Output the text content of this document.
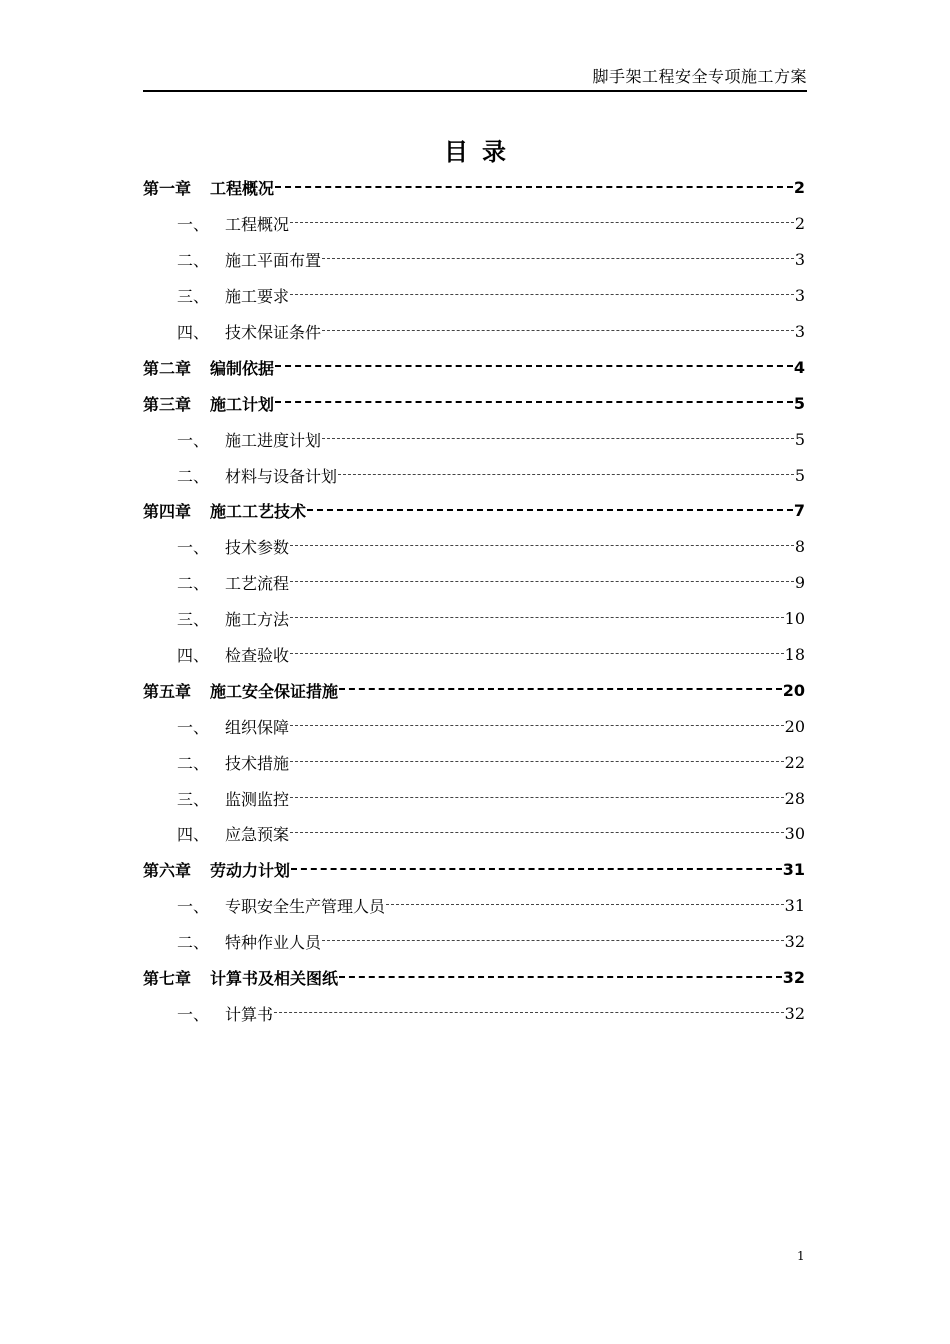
脚手架工程安全专项施工方案
目录
第一章	工程概况	2
一、 工程概况	2
二、 施工平面布置	3
三、 施工要求	3
四、 技术保证条件	3
第二章	编制依据	4
第三章	施工计划	5
一、 施工进度计划	5
二、 材料与设备计划	5
第四章	施工工艺技术	7
一、 技术参数	8
二、 工艺流程	9
三、 施工方法	10
四、 检查验收	18
第五章	施工安全保证措施	20
一、 组织保障	20
二、 技术措施	22
三、 监测监控	28
四、 应急预案	30
第六章	劳动力计划	31
一、 专职安全生产管理人员	31
二、 特种作业人员	32
第七章	计算书及相关图纸	32
一、 计算书	32
1
